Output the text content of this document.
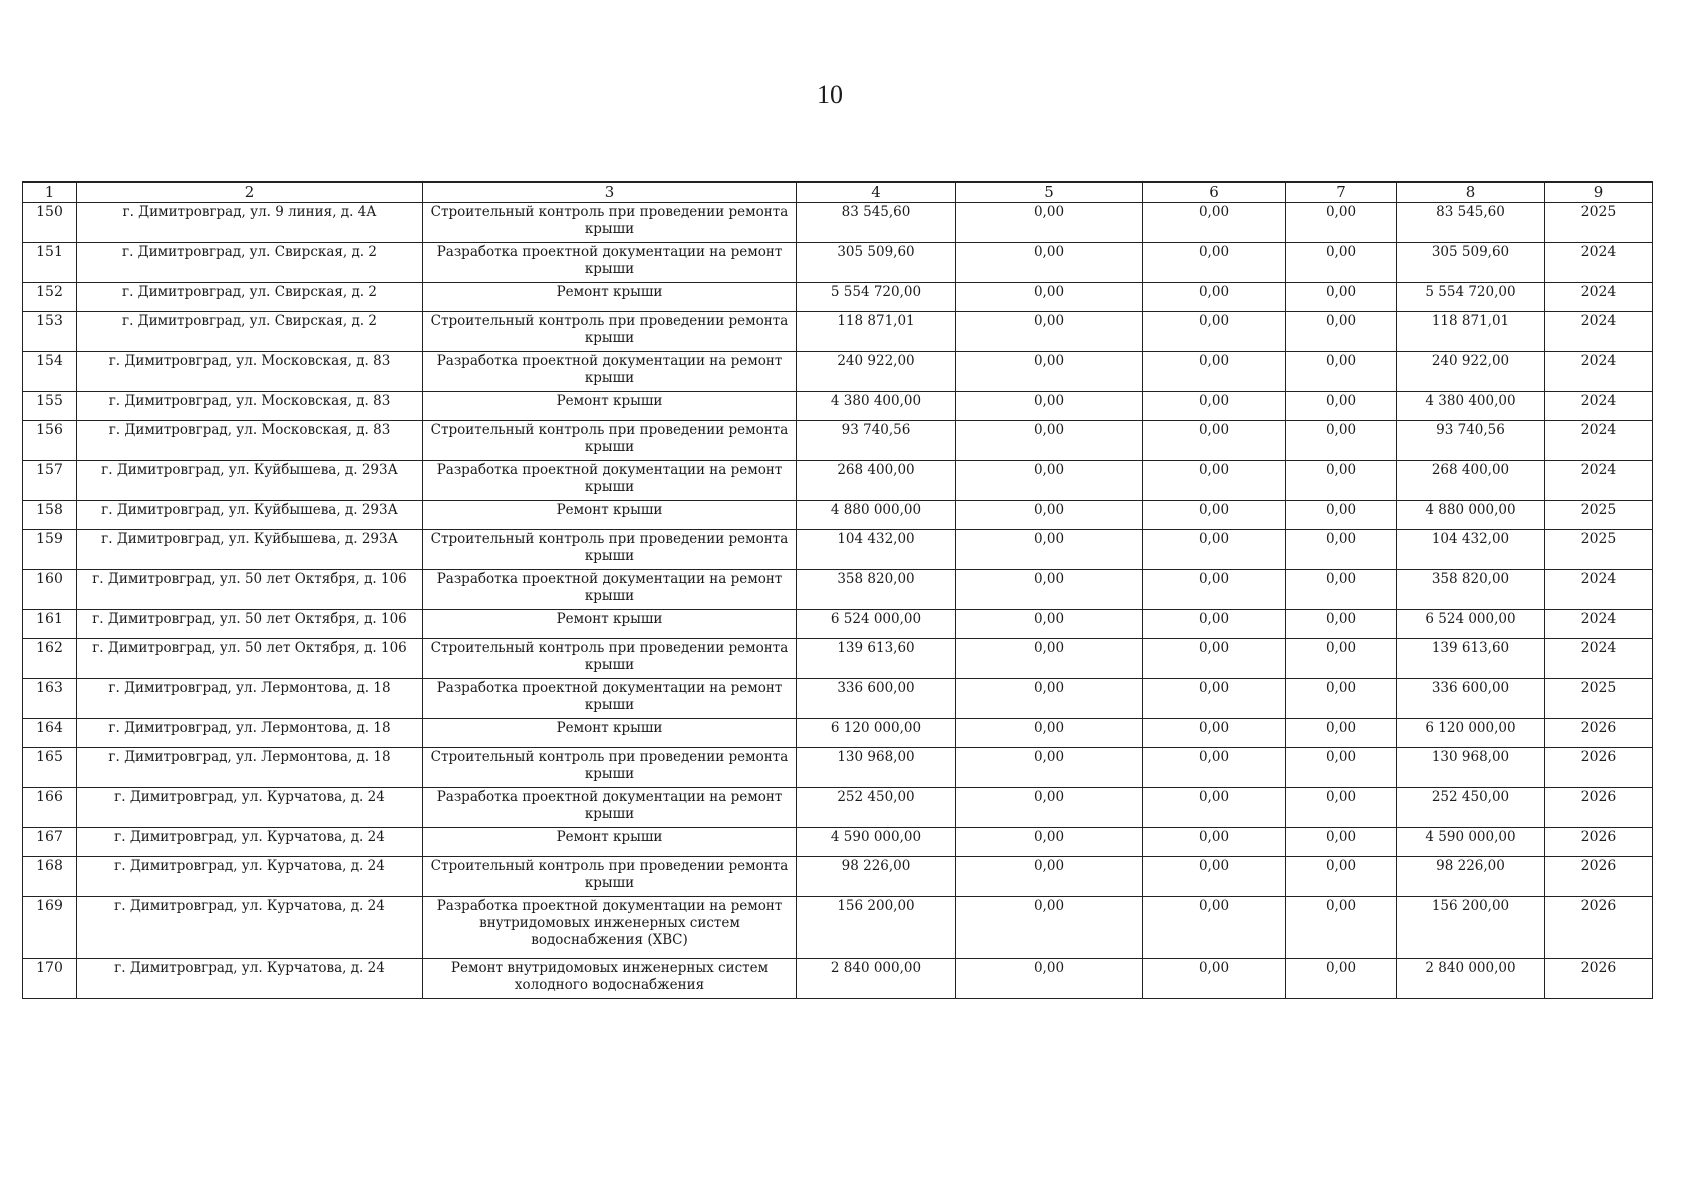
10
1	2	3	4	5	6	7	8	9
150	г. Димитровград, ул. 9 линия, д. 4А	Строительный контроль при проведении ремонта крыши	83 545,60	0,00	0,00	0,00	83 545,60	2025
151	г. Димитровград, ул. Свирская, д. 2	Разработка проектной документации на ремонт крыши	305 509,60	0,00	0,00	0,00	305 509,60	2024
152	г. Димитровград, ул. Свирская, д. 2	Ремонт крыши	5 554 720,00	0,00	0,00	0,00	5 554 720,00	2024
153	г. Димитровград, ул. Свирская, д. 2	Строительный контроль при проведении ремонта крыши	118 871,01	0,00	0,00	0,00	118 871,01	2024
154	г. Димитровград, ул. Московская, д. 83	Разработка проектной документации на ремонт крыши	240 922,00	0,00	0,00	0,00	240 922,00	2024
155	г. Димитровград, ул. Московская, д. 83	Ремонт крыши	4 380 400,00	0,00	0,00	0,00	4 380 400,00	2024
156	г. Димитровград, ул. Московская, д. 83	Строительный контроль при проведении ремонта крыши	93 740,56	0,00	0,00	0,00	93 740,56	2024
157	г. Димитровград, ул. Куйбышева, д. 293А	Разработка проектной документации на ремонт крыши	268 400,00	0,00	0,00	0,00	268 400,00	2024
158	г. Димитровград, ул. Куйбышева, д. 293А	Ремонт крыши	4 880 000,00	0,00	0,00	0,00	4 880 000,00	2025
159	г. Димитровград, ул. Куйбышева, д. 293А	Строительный контроль при проведении ремонта крыши	104 432,00	0,00	0,00	0,00	104 432,00	2025
160	г. Димитровград, ул. 50 лет Октября, д. 106	Разработка проектной документации на ремонт крыши	358 820,00	0,00	0,00	0,00	358 820,00	2024
161	г. Димитровград, ул. 50 лет Октября, д. 106	Ремонт крыши	6 524 000,00	0,00	0,00	0,00	6 524 000,00	2024
162	г. Димитровград, ул. 50 лет Октября, д. 106	Строительный контроль при проведении ремонта крыши	139 613,60	0,00	0,00	0,00	139 613,60	2024
163	г. Димитровград, ул. Лермонтова, д. 18	Разработка проектной документации на ремонт крыши	336 600,00	0,00	0,00	0,00	336 600,00	2025
164	г. Димитровград, ул. Лермонтова, д. 18	Ремонт крыши	6 120 000,00	0,00	0,00	0,00	6 120 000,00	2026
165	г. Димитровград, ул. Лермонтова, д. 18	Строительный контроль при проведении ремонта крыши	130 968,00	0,00	0,00	0,00	130 968,00	2026
166	г. Димитровград, ул. Курчатова, д. 24	Разработка проектной документации на ремонт крыши	252 450,00	0,00	0,00	0,00	252 450,00	2026
167	г. Димитровград, ул. Курчатова, д. 24	Ремонт крыши	4 590 000,00	0,00	0,00	0,00	4 590 000,00	2026
168	г. Димитровград, ул. Курчатова, д. 24	Строительный контроль при проведении ремонта крыши	98 226,00	0,00	0,00	0,00	98 226,00	2026
169	г. Димитровград, ул. Курчатова, д. 24	Разработка проектной документации на ремонт внутридомовых инженерных систем водоснабжения (ХВС)	156 200,00	0,00	0,00	0,00	156 200,00	2026
170	г. Димитровград, ул. Курчатова, д. 24	Ремонт внутридомовых инженерных систем холодного водоснабжения	2 840 000,00	0,00	0,00	0,00	2 840 000,00	2026
